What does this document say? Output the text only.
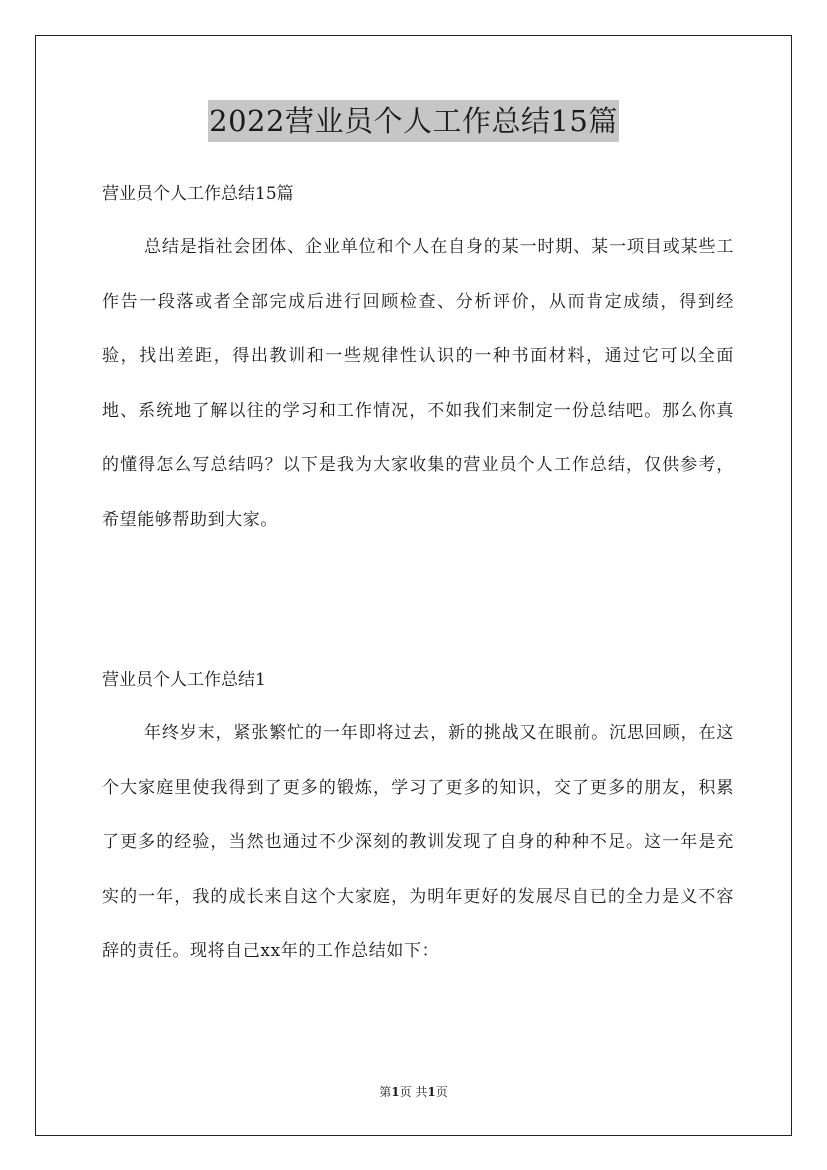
2022营业员个人工作总结15篇
营业员个人工作总结15篇

总结是指社会团体、企业单位和个人在自身的某一时期、某一项目或某些工作告一段落或者全部完成后进行回顾检查、分析评价，从而肯定成绩，得到经验，找出差距，得出教训和一些规律性认识的一种书面材料，通过它可以全面地、系统地了解以往的学习和工作情况，不如我们来制定一份总结吧。那么你真的懂得怎么写总结吗？以下是我为大家收集的营业员个人工作总结，仅供参考，希望能够帮助到大家。

营业员个人工作总结1

年终岁末，紧张繁忙的一年即将过去，新的挑战又在眼前。沉思回顾，在这个大家庭里使我得到了更多的锻炼，学习了更多的知识，交了更多的朋友，积累了更多的经验，当然也通过不少深刻的教训发现了自身的种种不足。这一年是充实的一年，我的成长来自这个大家庭，为明年更好的发展尽自已的全力是义不容辞的责任。现将自己xx年的工作总结如下：

第1页 共1页
